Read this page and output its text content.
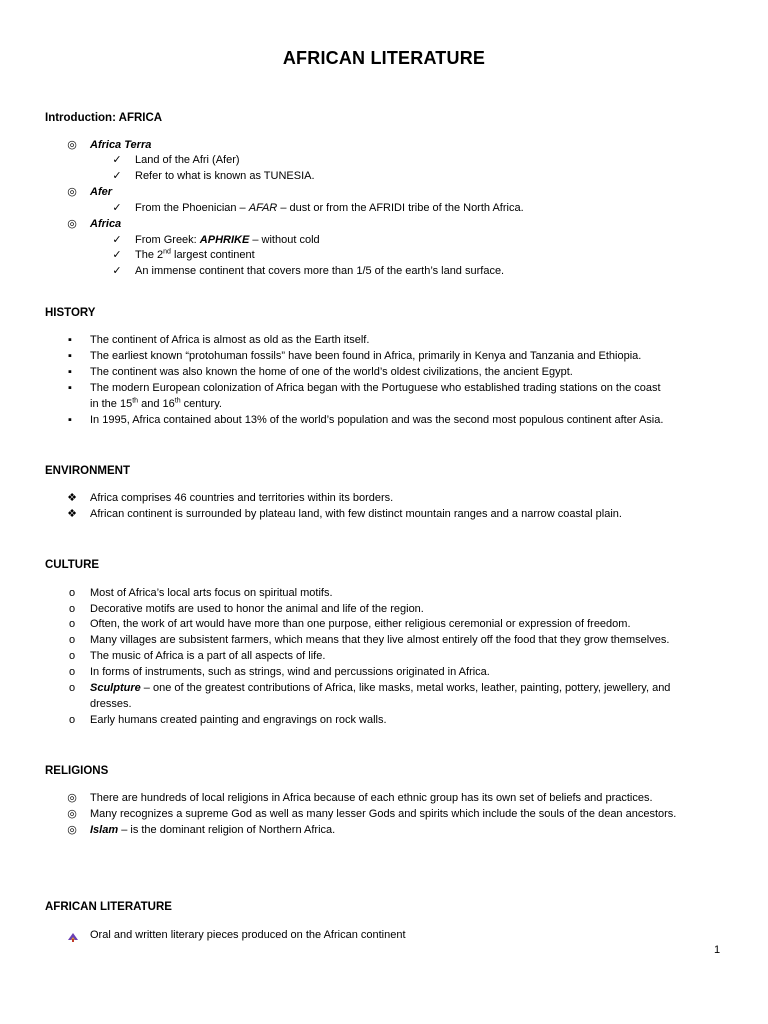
AFRICAN LITERATURE
Introduction: AFRICA
◎ Africa Terra
✓ Land of the Afri (Afer)
✓ Refer to what is known as TUNESIA.
◎ Afer
✓ From the Phoenician – AFAR – dust or from the AFRIDI tribe of the North Africa.
◎ Africa
✓ From Greek: APHRIKE – without cold
✓ The 2nd largest continent
✓ An immense continent that covers more than 1/5 of the earth’s land surface.
HISTORY
▪	The continent of Africa is almost as old as the Earth itself.
▪	The earliest known “protohuman fossils” have been found in Africa, primarily in Kenya and Tanzania and Ethiopia.
▪	The continent was also known the home of one of the world’s oldest civilizations, the ancient Egypt.
▪	The modern European colonization of Africa began with the Portuguese who established trading stations on the coast
in the 15th and 16th century.
▪	In 1995, Africa contained about 13% of the world’s population and was the second most populous continent after Asia.
ENVIRONMENT
❖ Africa comprises 46 countries and territories within its borders.
❖ African continent is surrounded by plateau land, with few distinct mountain ranges and a narrow coastal plain.
CULTURE
o	Most of Africa’s local arts focus on spiritual motifs.
o	Decorative motifs are used to honor the animal and life of the region.
o	Often, the work of art would have more than one purpose, either religious ceremonial or expression of freedom.
o	Many villages are subsistent farmers, which means that they live almost entirely off the food that they grow themselves.
o	The music of Africa is a part of all aspects of life.
o	In forms of instruments, such as strings, wind and percussions originated in Africa.
o	Sculpture – one of the greatest contributions of Africa, like masks, metal works, leather, painting, pottery, jewellery, and
dresses.
o	Early humans created painting and engravings on rock walls.
RELIGIONS
◎ There are hundreds of local religions in Africa because of each ethnic group has its own set of beliefs and practices.
◎ Many recognizes a supreme God as well as many lesser Gods and spirits which include the souls of the dean ancestors.
◎ Islam – is the dominant religion of Northern Africa.
AFRICAN LITERATURE
Oral and written literary pieces produced on the African continent
1
